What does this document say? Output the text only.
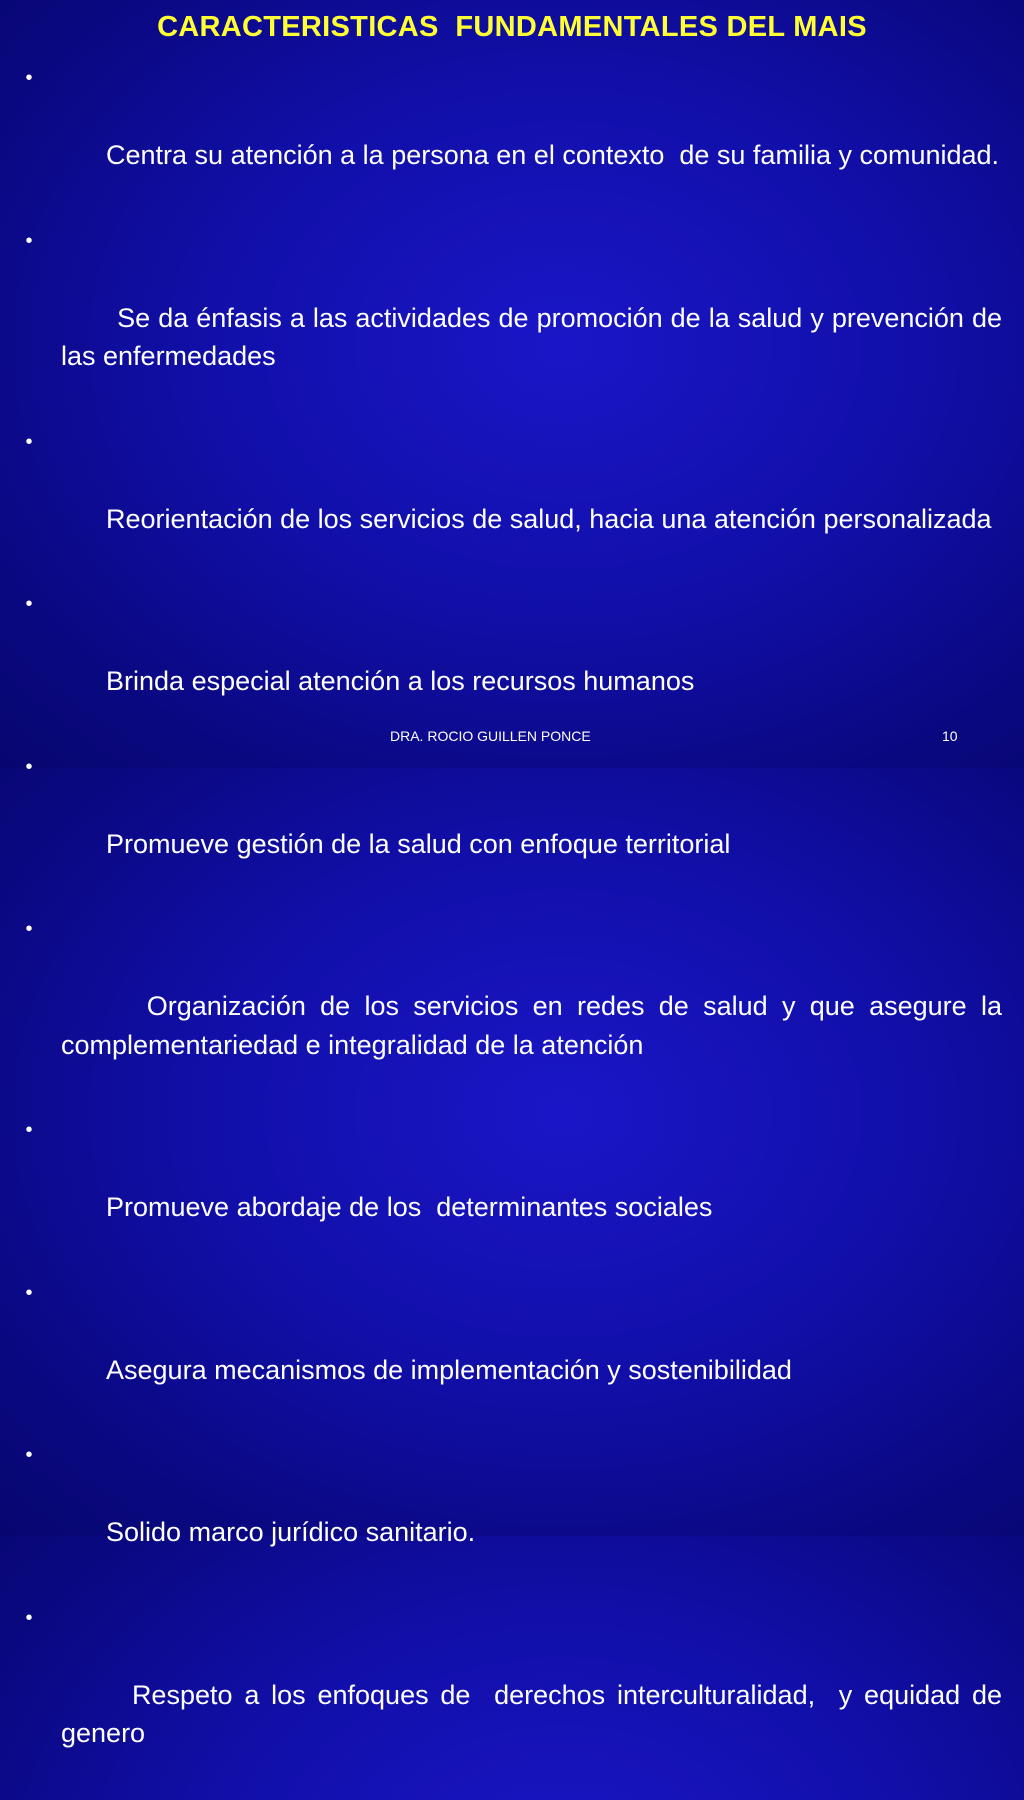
CARACTERISTICAS  FUNDAMENTALES DEL MAIS

•

Centra su atención a la persona en el contexto  de su familia y comunidad.

•

Se da énfasis a las actividades de promoción de la salud y prevención de las enfermedades

•

Reorientación de los servicios de salud, hacia una atención personalizada

•

Brinda especial atención a los recursos humanos

•

Promueve gestión de la salud con enfoque territorial

•

Organización de los servicios en redes de salud y que asegure la complementariedad e integralidad de la atención

•

Promueve abordaje de los  determinantes sociales

•

Asegura mecanismos de implementación y sostenibilidad

•

Solido marco jurídico sanitario.

•

Respeto a los enfoques de  derechos interculturalidad,  y equidad de genero

DRA. ROCIO GUILLEN PONCE	10
